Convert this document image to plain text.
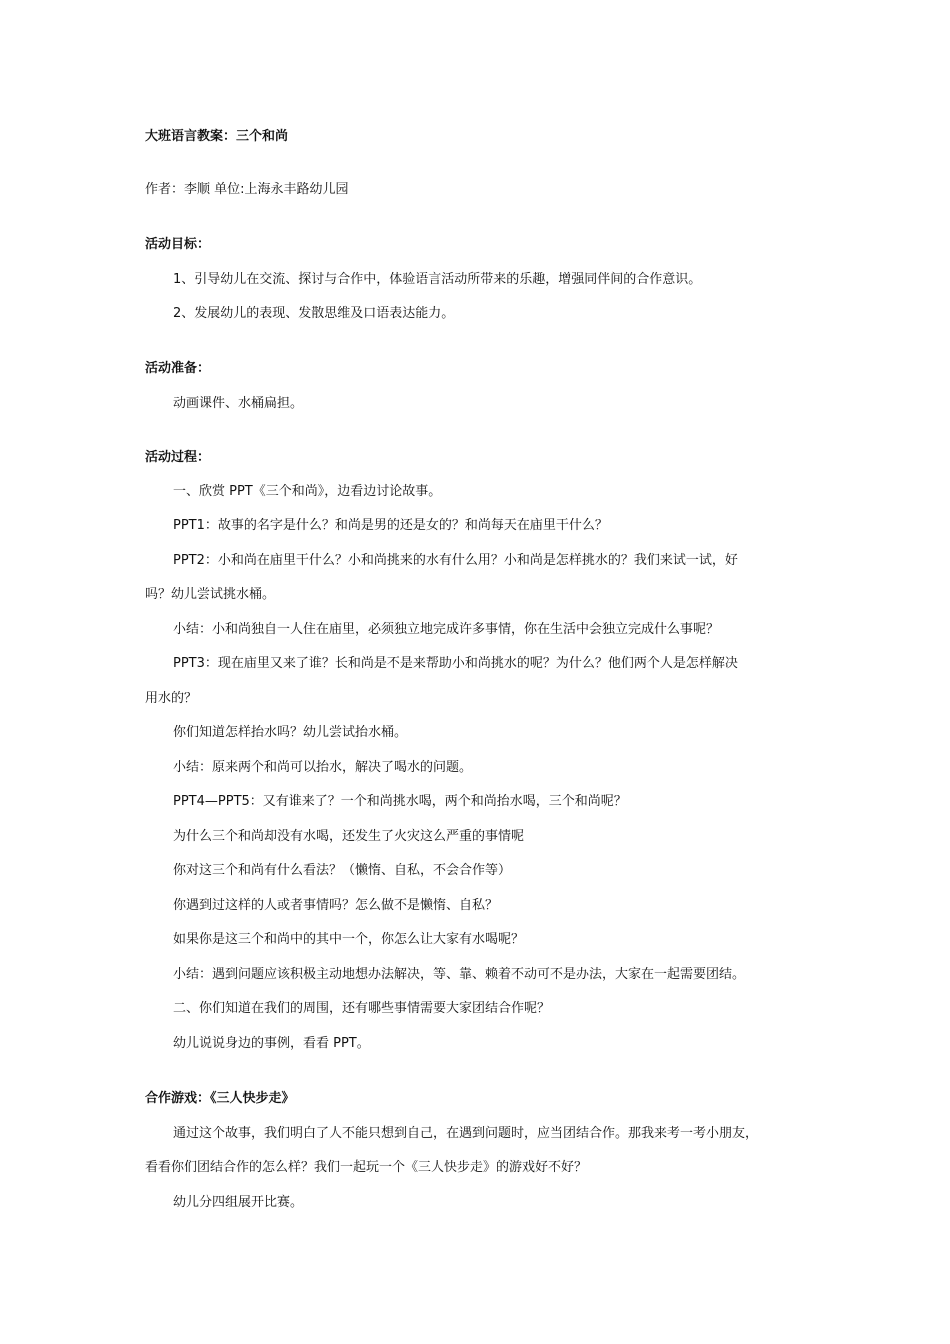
大班语言教案：三个和尚
作者：李顺 单位:上海永丰路幼儿园
活动目标：
1、引导幼儿在交流、探讨与合作中，体验语言活动所带来的乐趣，增强同伴间的合作意识。
2、发展幼儿的表现、发散思维及口语表达能力。
活动准备：
动画课件、水桶扁担。
活动过程：
一、欣赏 PPT《三个和尚》，边看边讨论故事。
PPT1：故事的名字是什么？和尚是男的还是女的？和尚每天在庙里干什么？
PPT2：小和尚在庙里干什么？小和尚挑来的水有什么用？小和尚是怎样挑水的？我们来试一试，好
吗？幼儿尝试挑水桶。
小结：小和尚独自一人住在庙里，必须独立地完成许多事情，你在生活中会独立完成什么事呢？
PPT3：现在庙里又来了谁？长和尚是不是来帮助小和尚挑水的呢？为什么？他们两个人是怎样解决
用水的？
你们知道怎样抬水吗？幼儿尝试抬水桶。
小结：原来两个和尚可以抬水，解决了喝水的问题。
PPT4—PPT5：又有谁来了？一个和尚挑水喝，两个和尚抬水喝，三个和尚呢？
为什么三个和尚却没有水喝，还发生了火灾这么严重的事情呢
你对这三个和尚有什么看法？（懒惰、自私，不会合作等）
你遇到过这样的人或者事情吗？怎么做不是懒惰、自私？
如果你是这三个和尚中的其中一个，你怎么让大家有水喝呢？
小结：遇到问题应该积极主动地想办法解决，等、靠、赖着不动可不是办法，大家在一起需要团结。
二、你们知道在我们的周围，还有哪些事情需要大家团结合作呢？
幼儿说说身边的事例，看看 PPT。
合作游戏：《三人快步走》
通过这个故事，我们明白了人不能只想到自己，在遇到问题时，应当团结合作。那我来考一考小朋友，
看看你们团结合作的怎么样？我们一起玩一个《三人快步走》的游戏好不好？
幼儿分四组展开比赛。
